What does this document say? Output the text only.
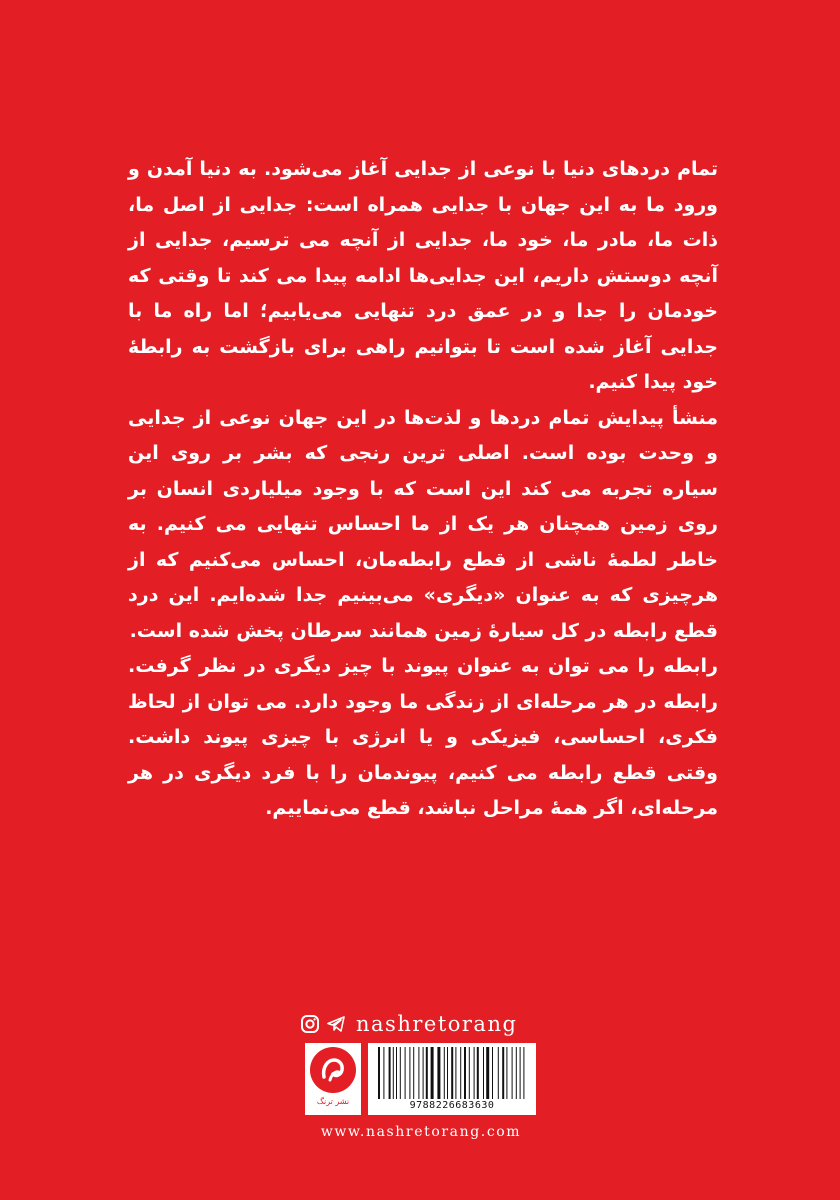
تمام دردهای دنیا با نوعی از جدایی آغاز می‌شود. به دنیا آمدن و ورود ما به این جهان با جدایی همراه است: جدایی از اصل ما، ذات ما، مادر ما، خود ما، جدایی از آنچه می ترسیم، جدایی از آنچه دوستش داریم، این جدایی‌ها ادامه پیدا می کند تا وقتی که خودمان را جدا و در عمق درد تنهایی می‌یابیم؛ اما راه ما با جدایی آغاز شده است تا بتوانیم راهی برای بازگشت به رابطهٔ خود پیدا کنیم.

منشأ پیدایش تمام دردها و لذت‌ها در این جهان نوعی از جدایی و وحدت بوده است. اصلی ترین رنجی که بشر بر روی این سیاره تجربه می کند این است که با وجود میلیاردی انسان بر روی زمین همچنان هر یک از ما احساس تنهایی می کنیم. به خاطر لطمهٔ ناشی از قطع رابطه‌مان، احساس می‌کنیم که از هرچیزی که به عنوان «دیگری» می‌بینیم جدا شده‌ایم. این درد قطع رابطه در کل سیارهٔ زمین همانند سرطان پخش شده است.

رابطه را می توان به عنوان پیوند با چیز دیگری در نظر گرفت. رابطه در هر مرحله‌ای از زندگی ما وجود دارد. می توان از لحاظ فکری، احساسی، فیزیکی و یا انرژی با چیزی پیوند داشت. وقتی قطع رابطه می کنیم، پیوندمان را با فرد دیگری در هر مرحله‌ای، اگر همهٔ مراحل نباشد، قطع می‌نماییم.

nashretorang
نشر ترنگ	9788226683630
www.nashretorang.com
